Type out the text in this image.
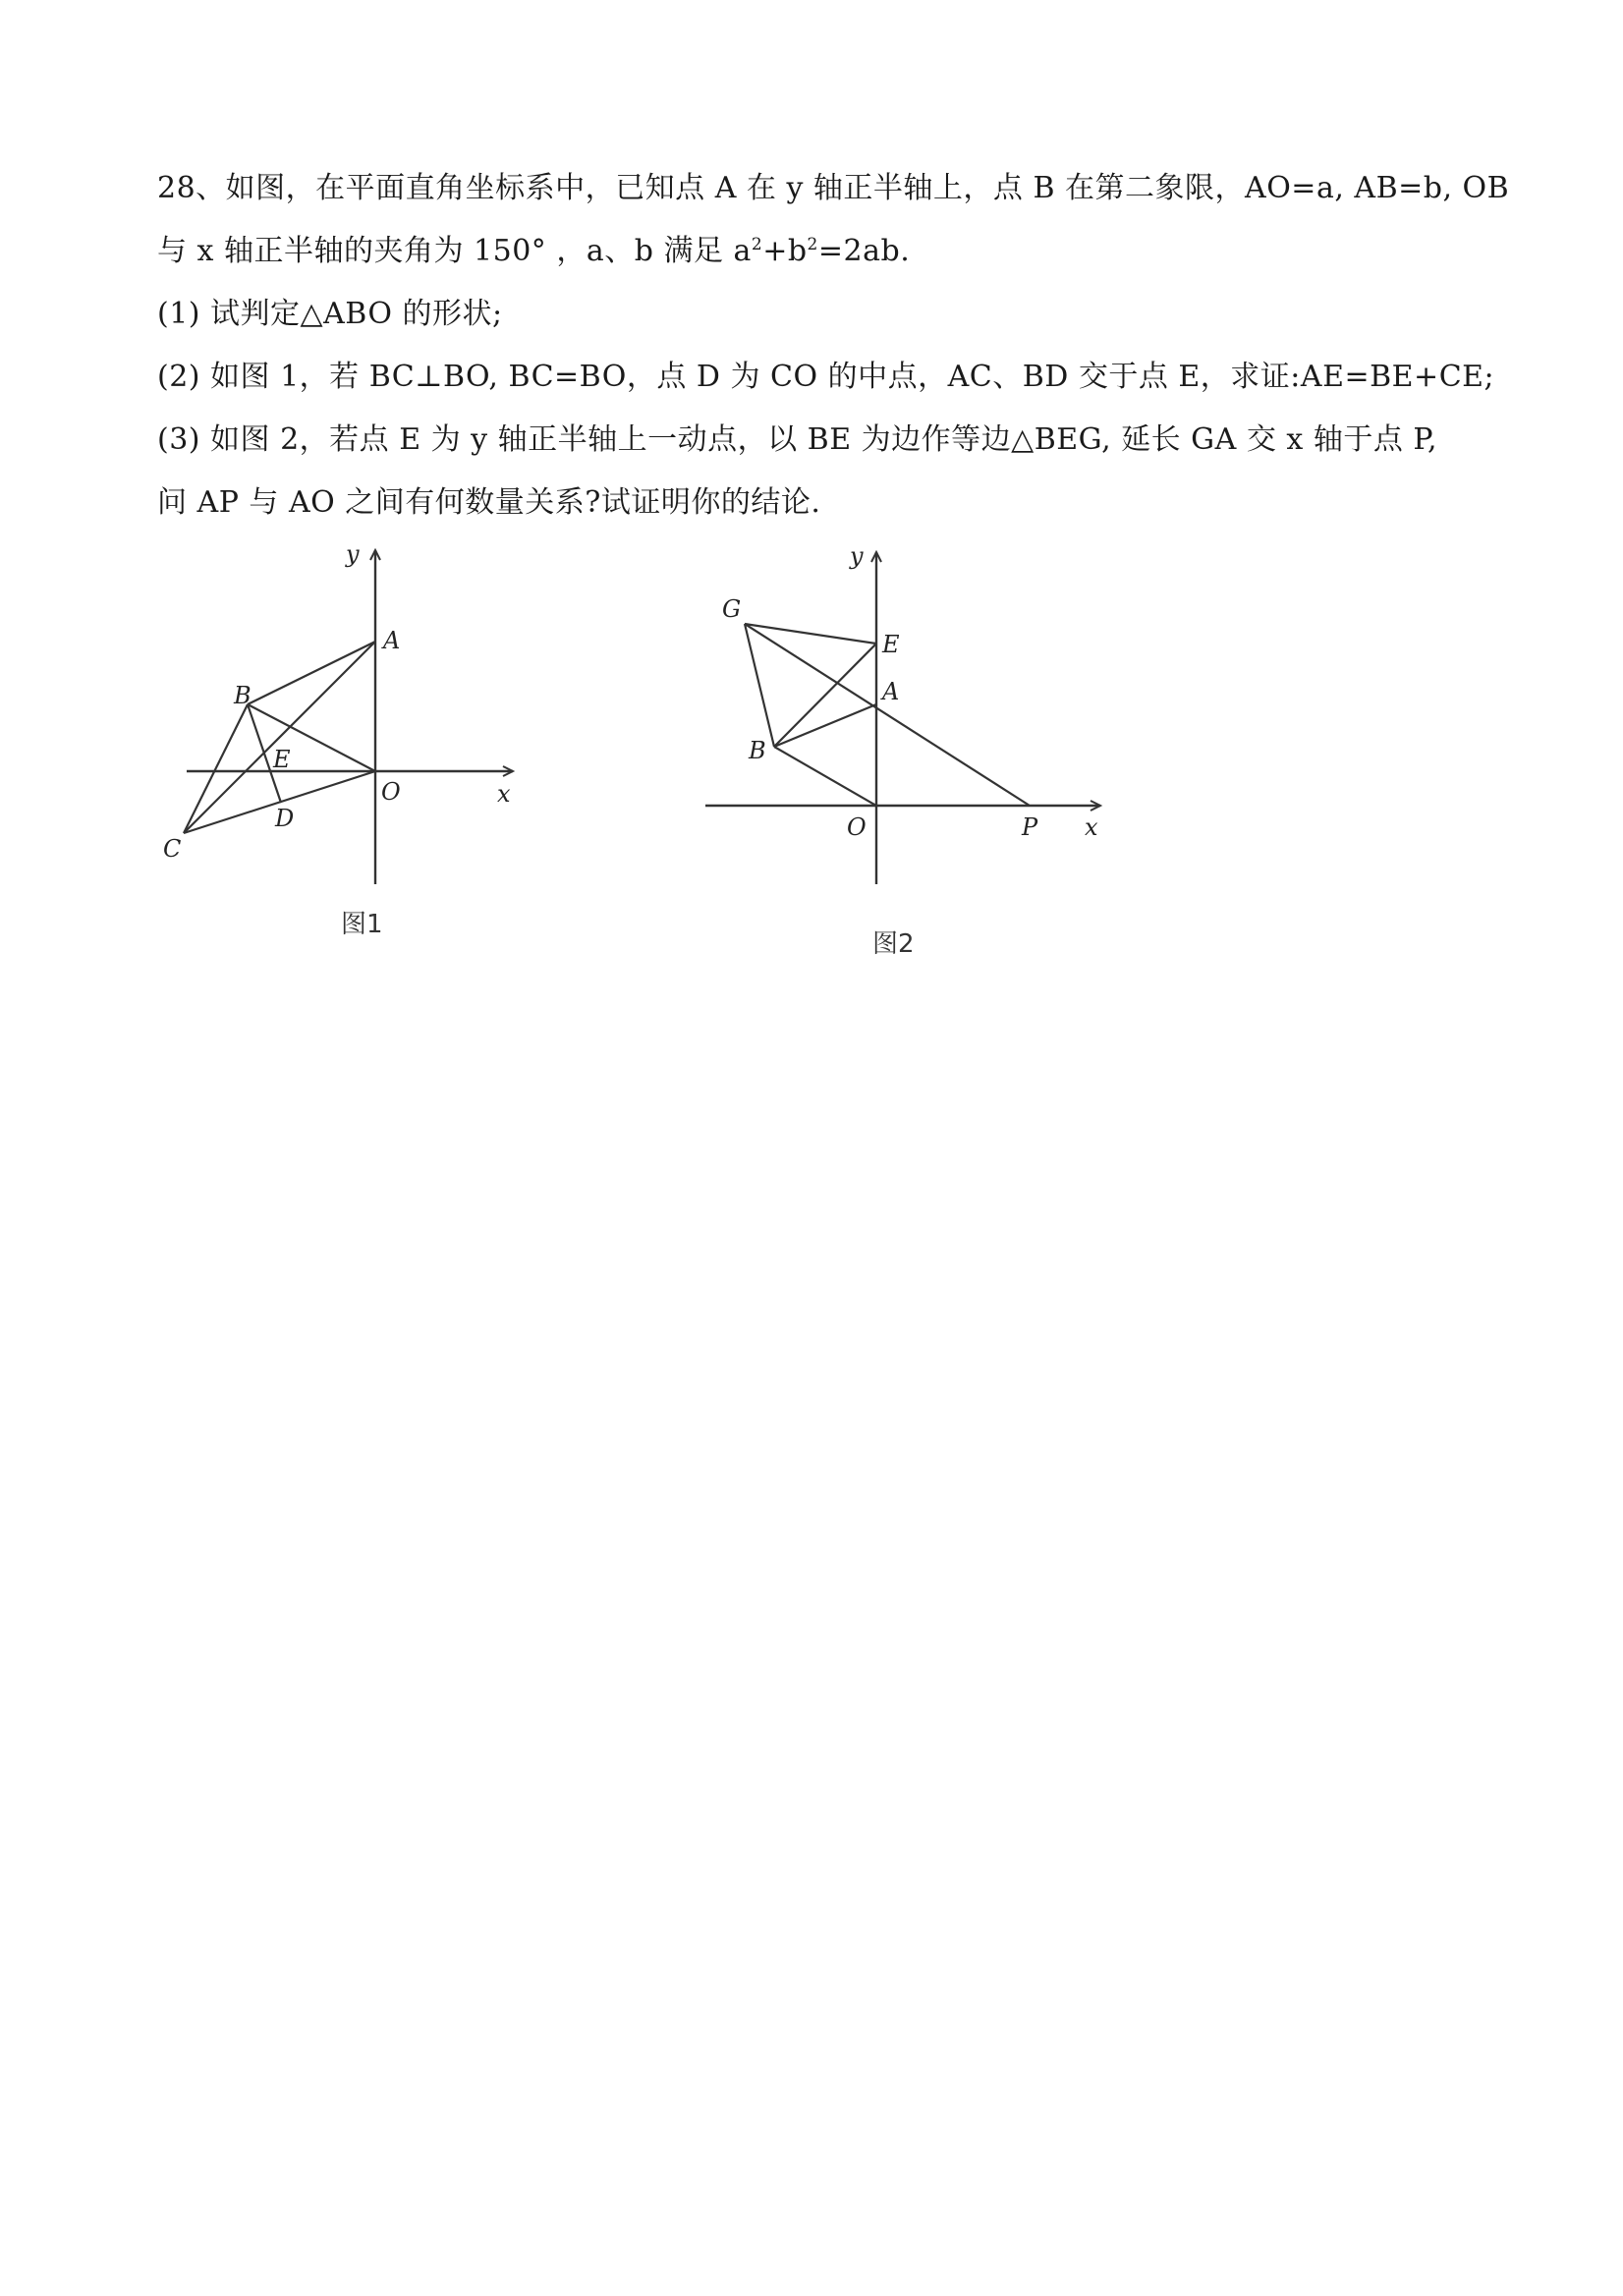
28、如图，在平面直角坐标系中，已知点 A 在 y 轴正半轴上，点 B 在第二象限，AO=a, AB=b, OB
与 x 轴正半轴的夹角为 150° ，a、b 满足 $a^2+b^2=2ab$.
(1) 试判定△ABO 的形状;
(2) 如图 1，若 BC⊥BO, BC=BO，点 D 为 CO 的中点，AC、BD 交于点 E，求证:AE=BE+CE;
(3) 如图 2，若点 E 为 y 轴正半轴上一动点，以 BE 为边作等边△BEG, 延长 GA 交 x 轴于点 P,
问 AP 与 AO 之间有何数量关系?试证明你的结论.
y
x
A
B
C
D
E
O
图1
y
x
G
E
A
B
O	P
图2
